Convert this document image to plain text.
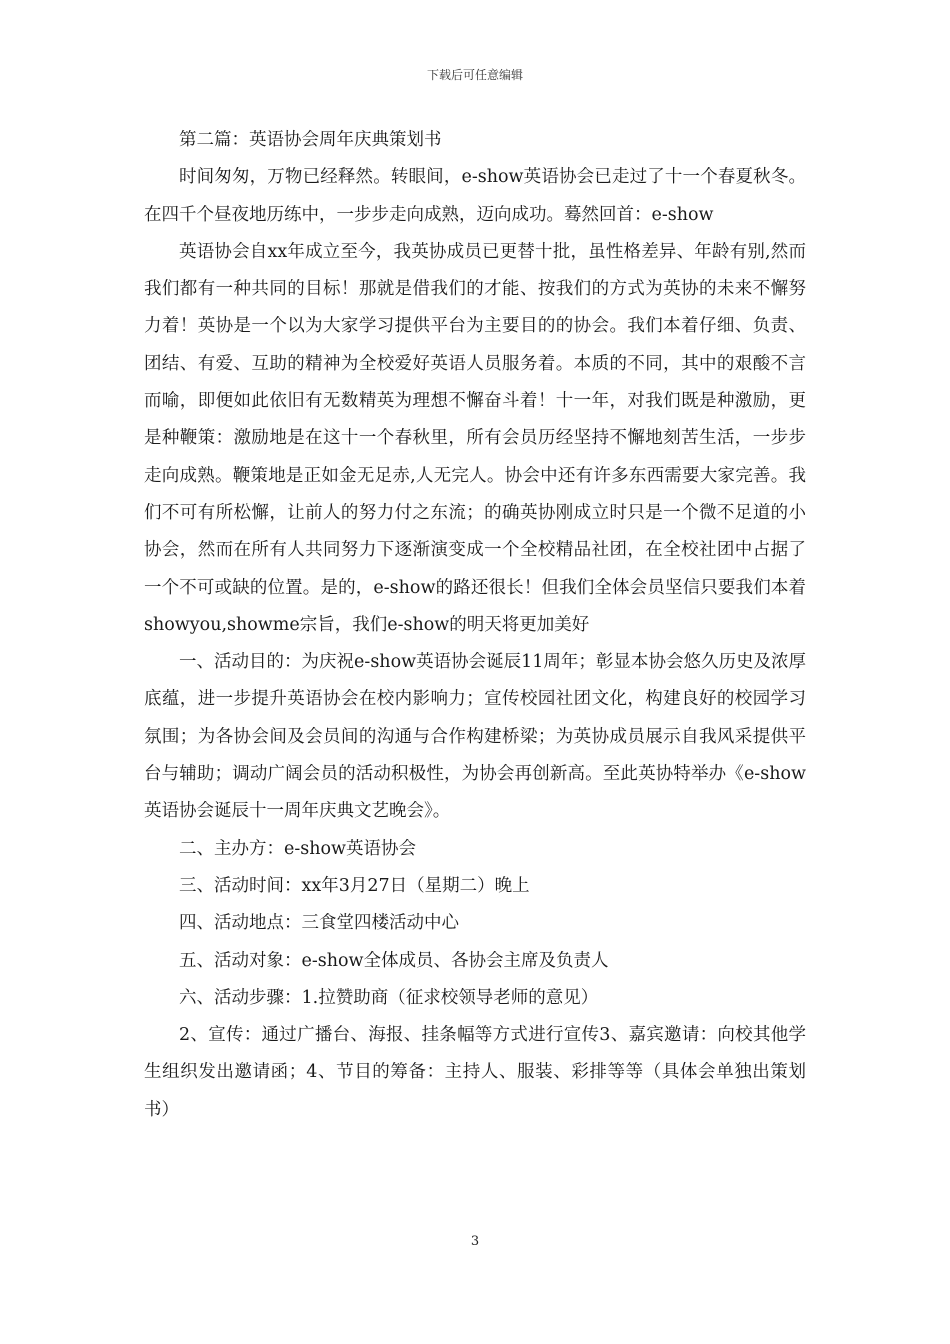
下载后可任意编辑

第二篇：英语协会周年庆典策划书

时间匆匆，万物已经释然。转眼间，e-show英语协会已走过了十一个春夏秋冬。在四千个昼夜地历练中，一步步走向成熟，迈向成功。蓦然回首：e-show

英语协会自xx年成立至今，我英协成员已更替十批，虽性格差异、年龄有别,然而我们都有一种共同的目标！那就是借我们的才能、按我们的方式为英协的未来不懈努力着！英协是一个以为大家学习提供平台为主要目的的协会。我们本着仔细、负责、团结、有爱、互助的精神为全校爱好英语人员服务着。本质的不同，其中的艰酸不言而喻，即便如此依旧有无数精英为理想不懈奋斗着！十一年，对我们既是种激励，更是种鞭策：激励地是在这十一个春秋里，所有会员历经坚持不懈地刻苦生活，一步步走向成熟。鞭策地是正如金无足赤,人无完人。协会中还有许多东西需要大家完善。我们不可有所松懈，让前人的努力付之东流；的确英协刚成立时只是一个微不足道的小协会，然而在所有人共同努力下逐渐演变成一个全校精品社团，在全校社团中占据了一个不可或缺的位置。是的，e-show的路还很长！但我们全体会员坚信只要我们本着showyou,showme宗旨，我们e-show的明天将更加美好

一、活动目的：为庆祝e-show英语协会诞辰11周年；彰显本协会悠久历史及浓厚底蕴，进一步提升英语协会在校内影响力；宣传校园社团文化，构建良好的校园学习氛围；为各协会间及会员间的沟通与合作构建桥梁；为英协成员展示自我风采提供平台与辅助；调动广阔会员的活动积极性，为协会再创新高。至此英协特举办《e-show英语协会诞辰十一周年庆典文艺晚会》。

二、主办方：e-show英语协会

三、活动时间：xx年3月27日（星期二）晚上

四、活动地点：三食堂四楼活动中心

五、活动对象：e-show全体成员、各协会主席及负责人

六、活动步骤：1.拉赞助商（征求校领导老师的意见）

2、宣传：通过广播台、海报、挂条幅等方式进行宣传3、嘉宾邀请：向校其他学生组织发出邀请函；4、节目的筹备：主持人、服装、彩排等等（具体会单独出策划书）

3
